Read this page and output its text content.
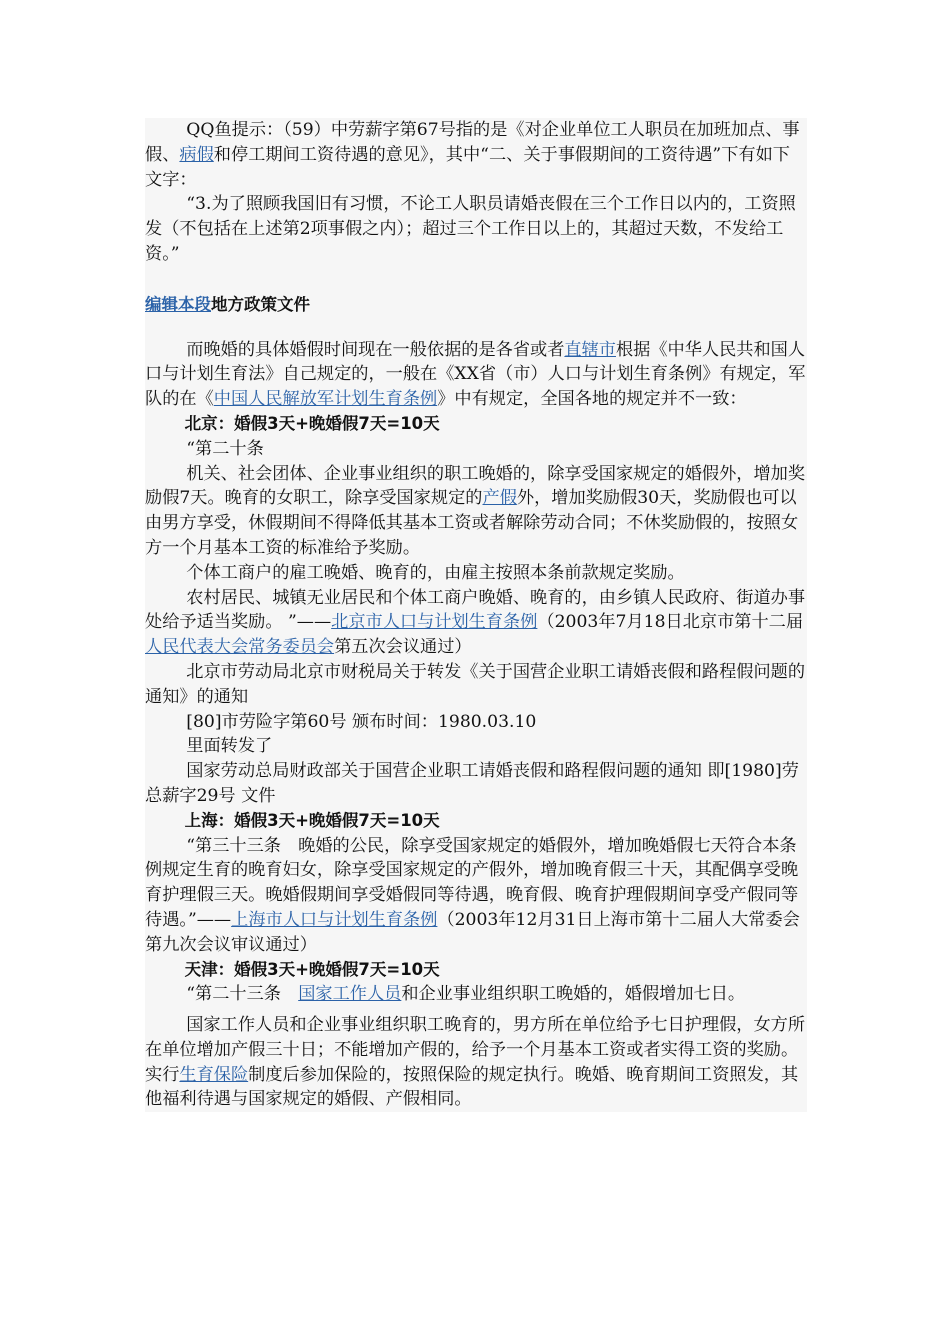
QQ鱼提示：（59）中劳薪字第67号指的是《对企业单位工人职员在加班加点、事假、病假和停工期间工资待遇的意见》，其中“二、关于事假期间的工资待遇”下有如下文字：

“3.为了照顾我国旧有习惯，不论工人职员请婚丧假在三个工作日以内的，工资照发（不包括在上述第2项事假之内）；超过三个工作日以上的，其超过天数，不发给工资。”

编辑本段地方政策文件

而晚婚的具体婚假时间现在一般依据的是各省或者直辖市根据《中华人民共和国人口与计划生育法》自己规定的，一般在《XX省（市）人口与计划生育条例》有规定，军队的在《中国人民解放军计划生育条例》中有规定，全国各地的规定并不一致：

北京：婚假3天+晚婚假7天=10天

“第二十条

机关、社会团体、企业事业组织的职工晚婚的，除享受国家规定的婚假外，增加奖励假7天。晚育的女职工，除享受国家规定的产假外，增加奖励假30天，奖励假也可以由男方享受，休假期间不得降低其基本工资或者解除劳动合同；不休奖励假的，按照女方一个月基本工资的标准给予奖励。

个体工商户的雇工晚婚、晚育的，由雇主按照本条前款规定奖励。

农村居民、城镇无业居民和个体工商户晚婚、晚育的，由乡镇人民政府、街道办事处给予适当奖励。 ”——北京市人口与计划生育条例（2003年7月18日北京市第十二届人民代表大会常务委员会第五次会议通过）

北京市劳动局北京市财税局关于转发《关于国营企业职工请婚丧假和路程假问题的通知》的通知

[80]市劳险字第60号 颁布时间：1980.03.10

里面转发了

国家劳动总局财政部关于国营企业职工请婚丧假和路程假问题的通知 即[1980]劳总薪字29号 文件

上海：婚假3天+晚婚假7天=10天

“第三十三条　晚婚的公民，除享受国家规定的婚假外，增加晚婚假七天符合本条例规定生育的晚育妇女，除享受国家规定的产假外，增加晚育假三十天，其配偶享受晚育护理假三天。晚婚假期间享受婚假同等待遇，晚育假、晚育护理假期间享受产假同等待遇。”——上海市人口与计划生育条例（2003年12月31日上海市第十二届人大常委会第九次会议审议通过）

天津：婚假3天+晚婚假7天=10天

“第二十三条　国家工作人员和企业事业组织职工晚婚的，婚假增加七日。

国家工作人员和企业事业组织职工晚育的，男方所在单位给予七日护理假，女方所在单位增加产假三十日；不能增加产假的，给予一个月基本工资或者实得工资的奖励。实行生育保险制度后参加保险的，按照保险的规定执行。晚婚、晚育期间工资照发，其他福利待遇与国家规定的婚假、产假相同。
